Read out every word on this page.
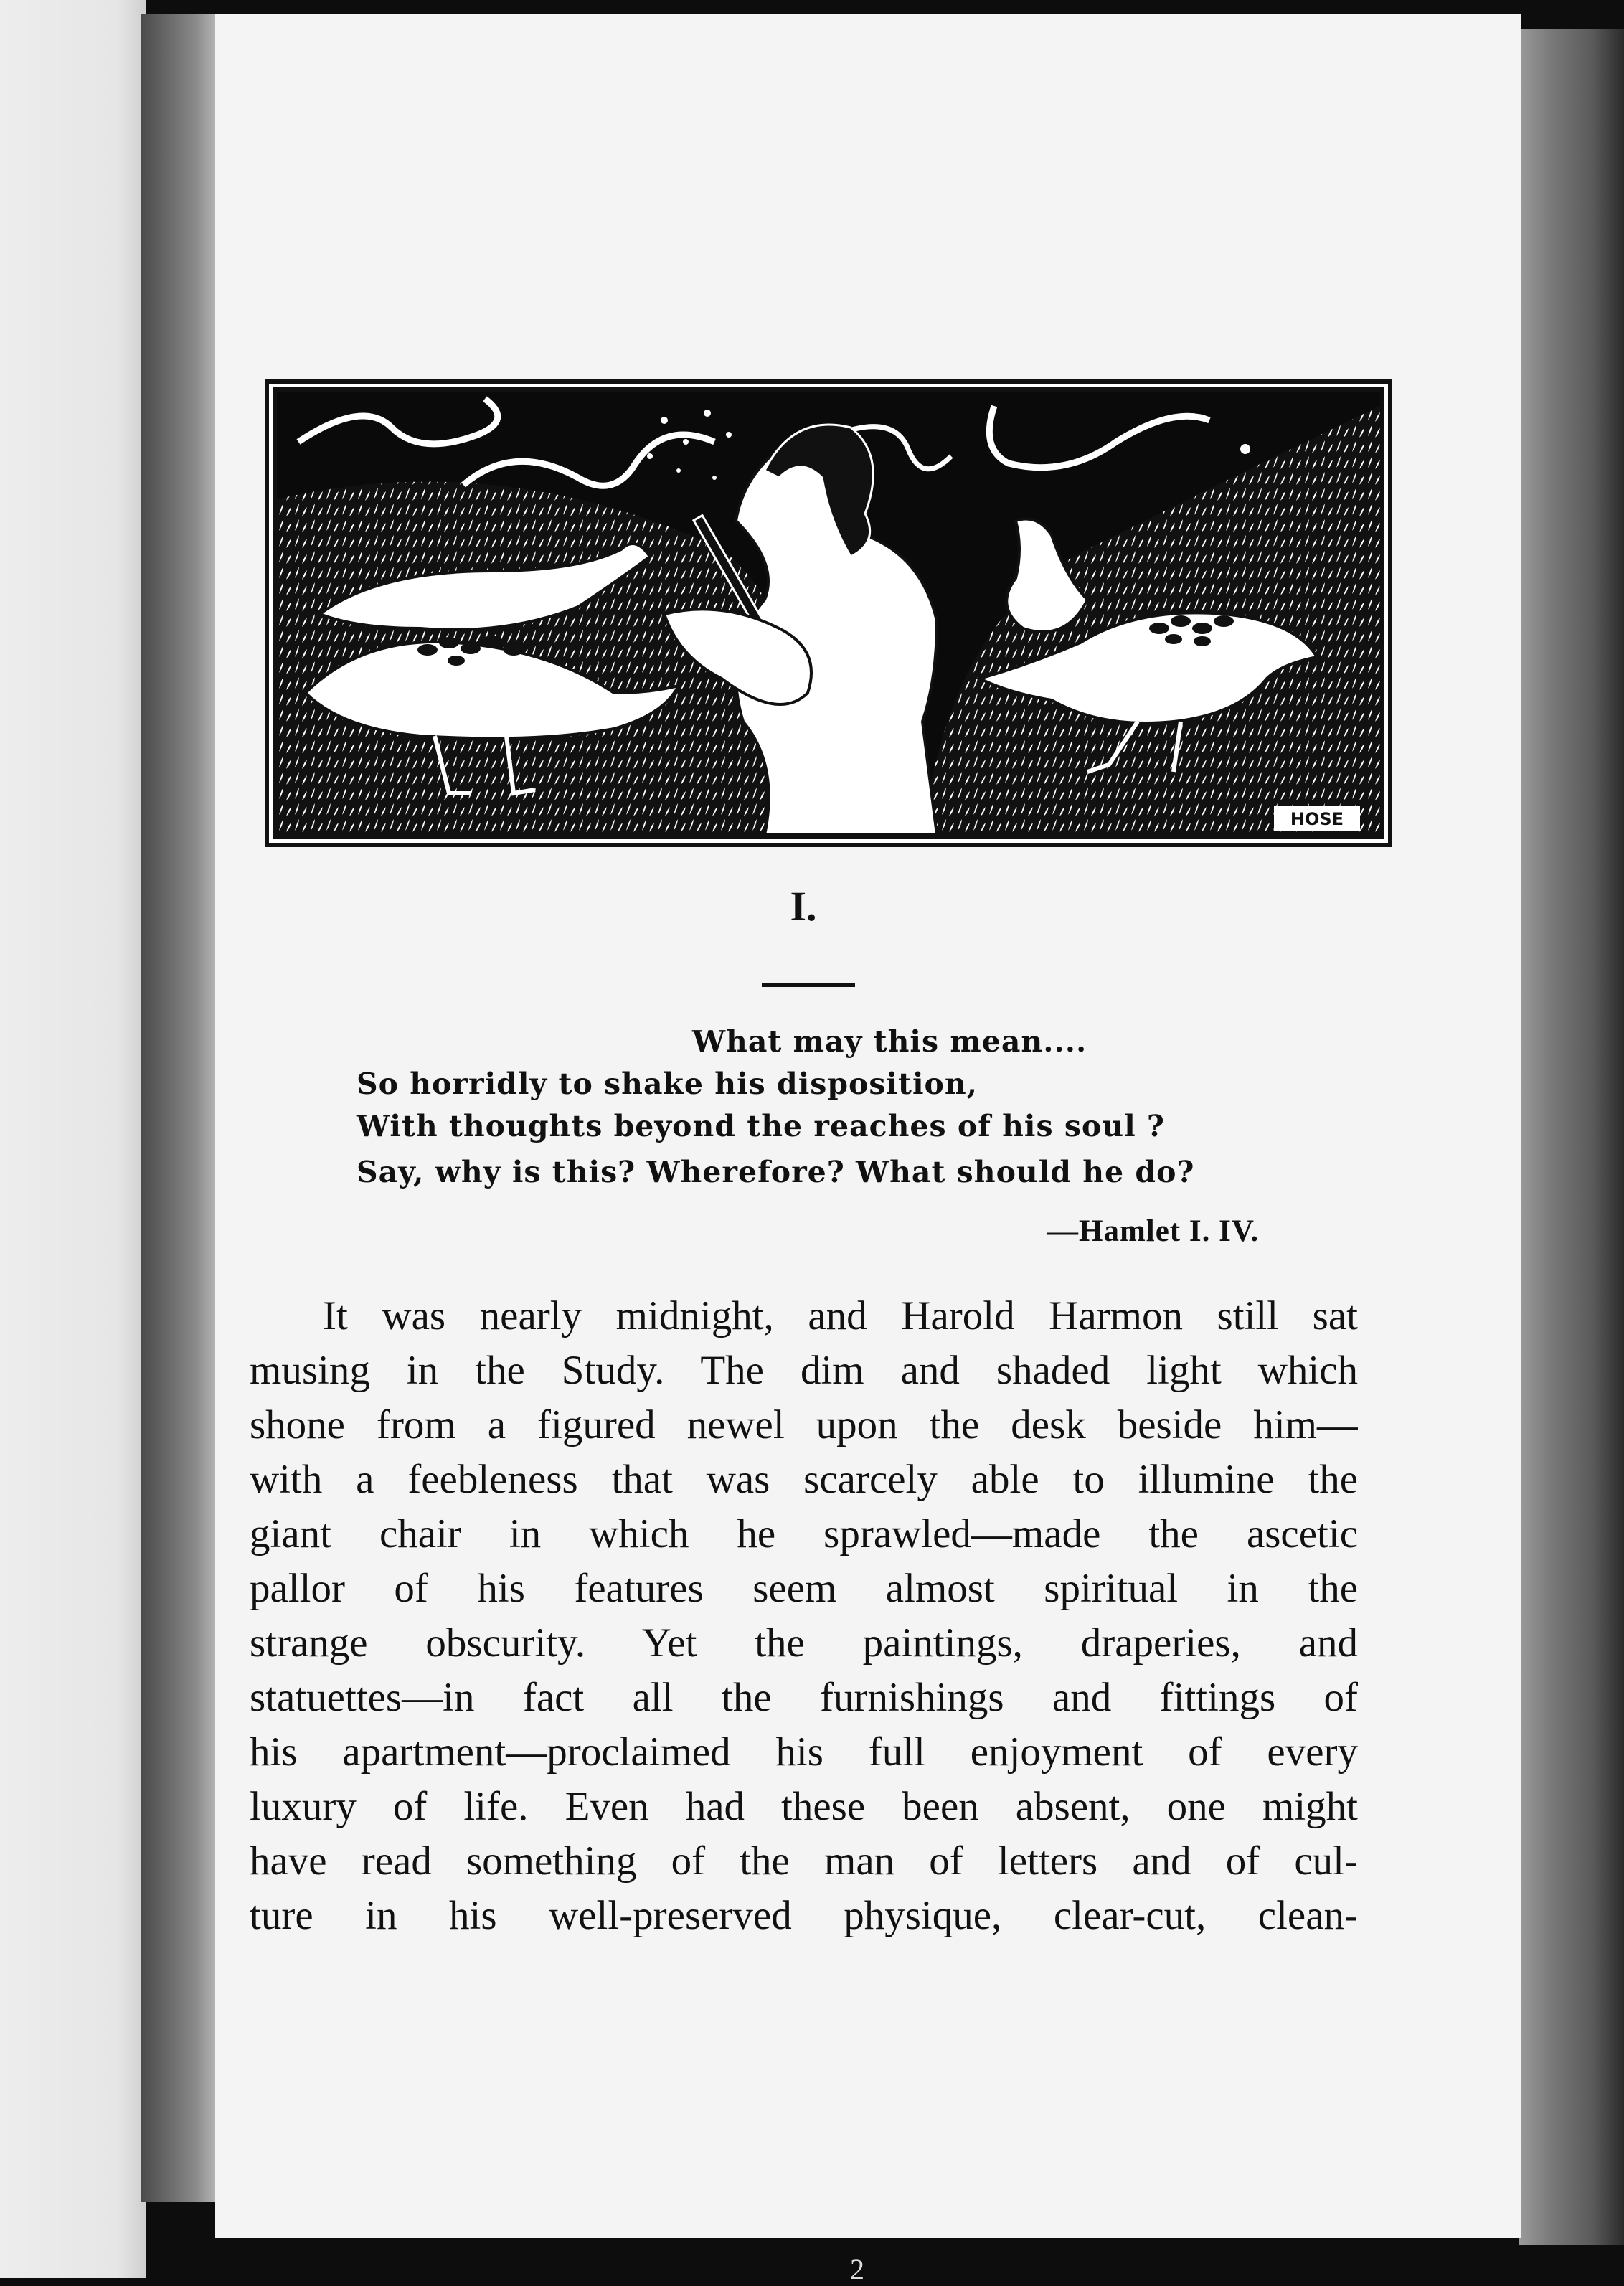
HOSE
I.
What may this mean....
So horridly to shake his disposition,
With thoughts beyond the reaches of his soul ?
Say, why is this? Wherefore? What should he do?
—Hamlet I. IV.
It was nearly midnight, and Harold Harmon still sat
musing in the Study. The dim and shaded light which
shone from a figured newel upon the desk beside him—
with a feebleness that was scarcely able to illumine the
giant chair in which he sprawled—made the ascetic
pallor of his features seem almost spiritual in the
strange obscurity. Yet the paintings, draperies, and
statuettes—in fact all the furnishings and fittings of
his apartment—proclaimed his full enjoyment of every
luxury of life. Even had these been absent, one might
have read something of the man of letters and of cul-
ture in his well-preserved physique, clear-cut, clean-
2
